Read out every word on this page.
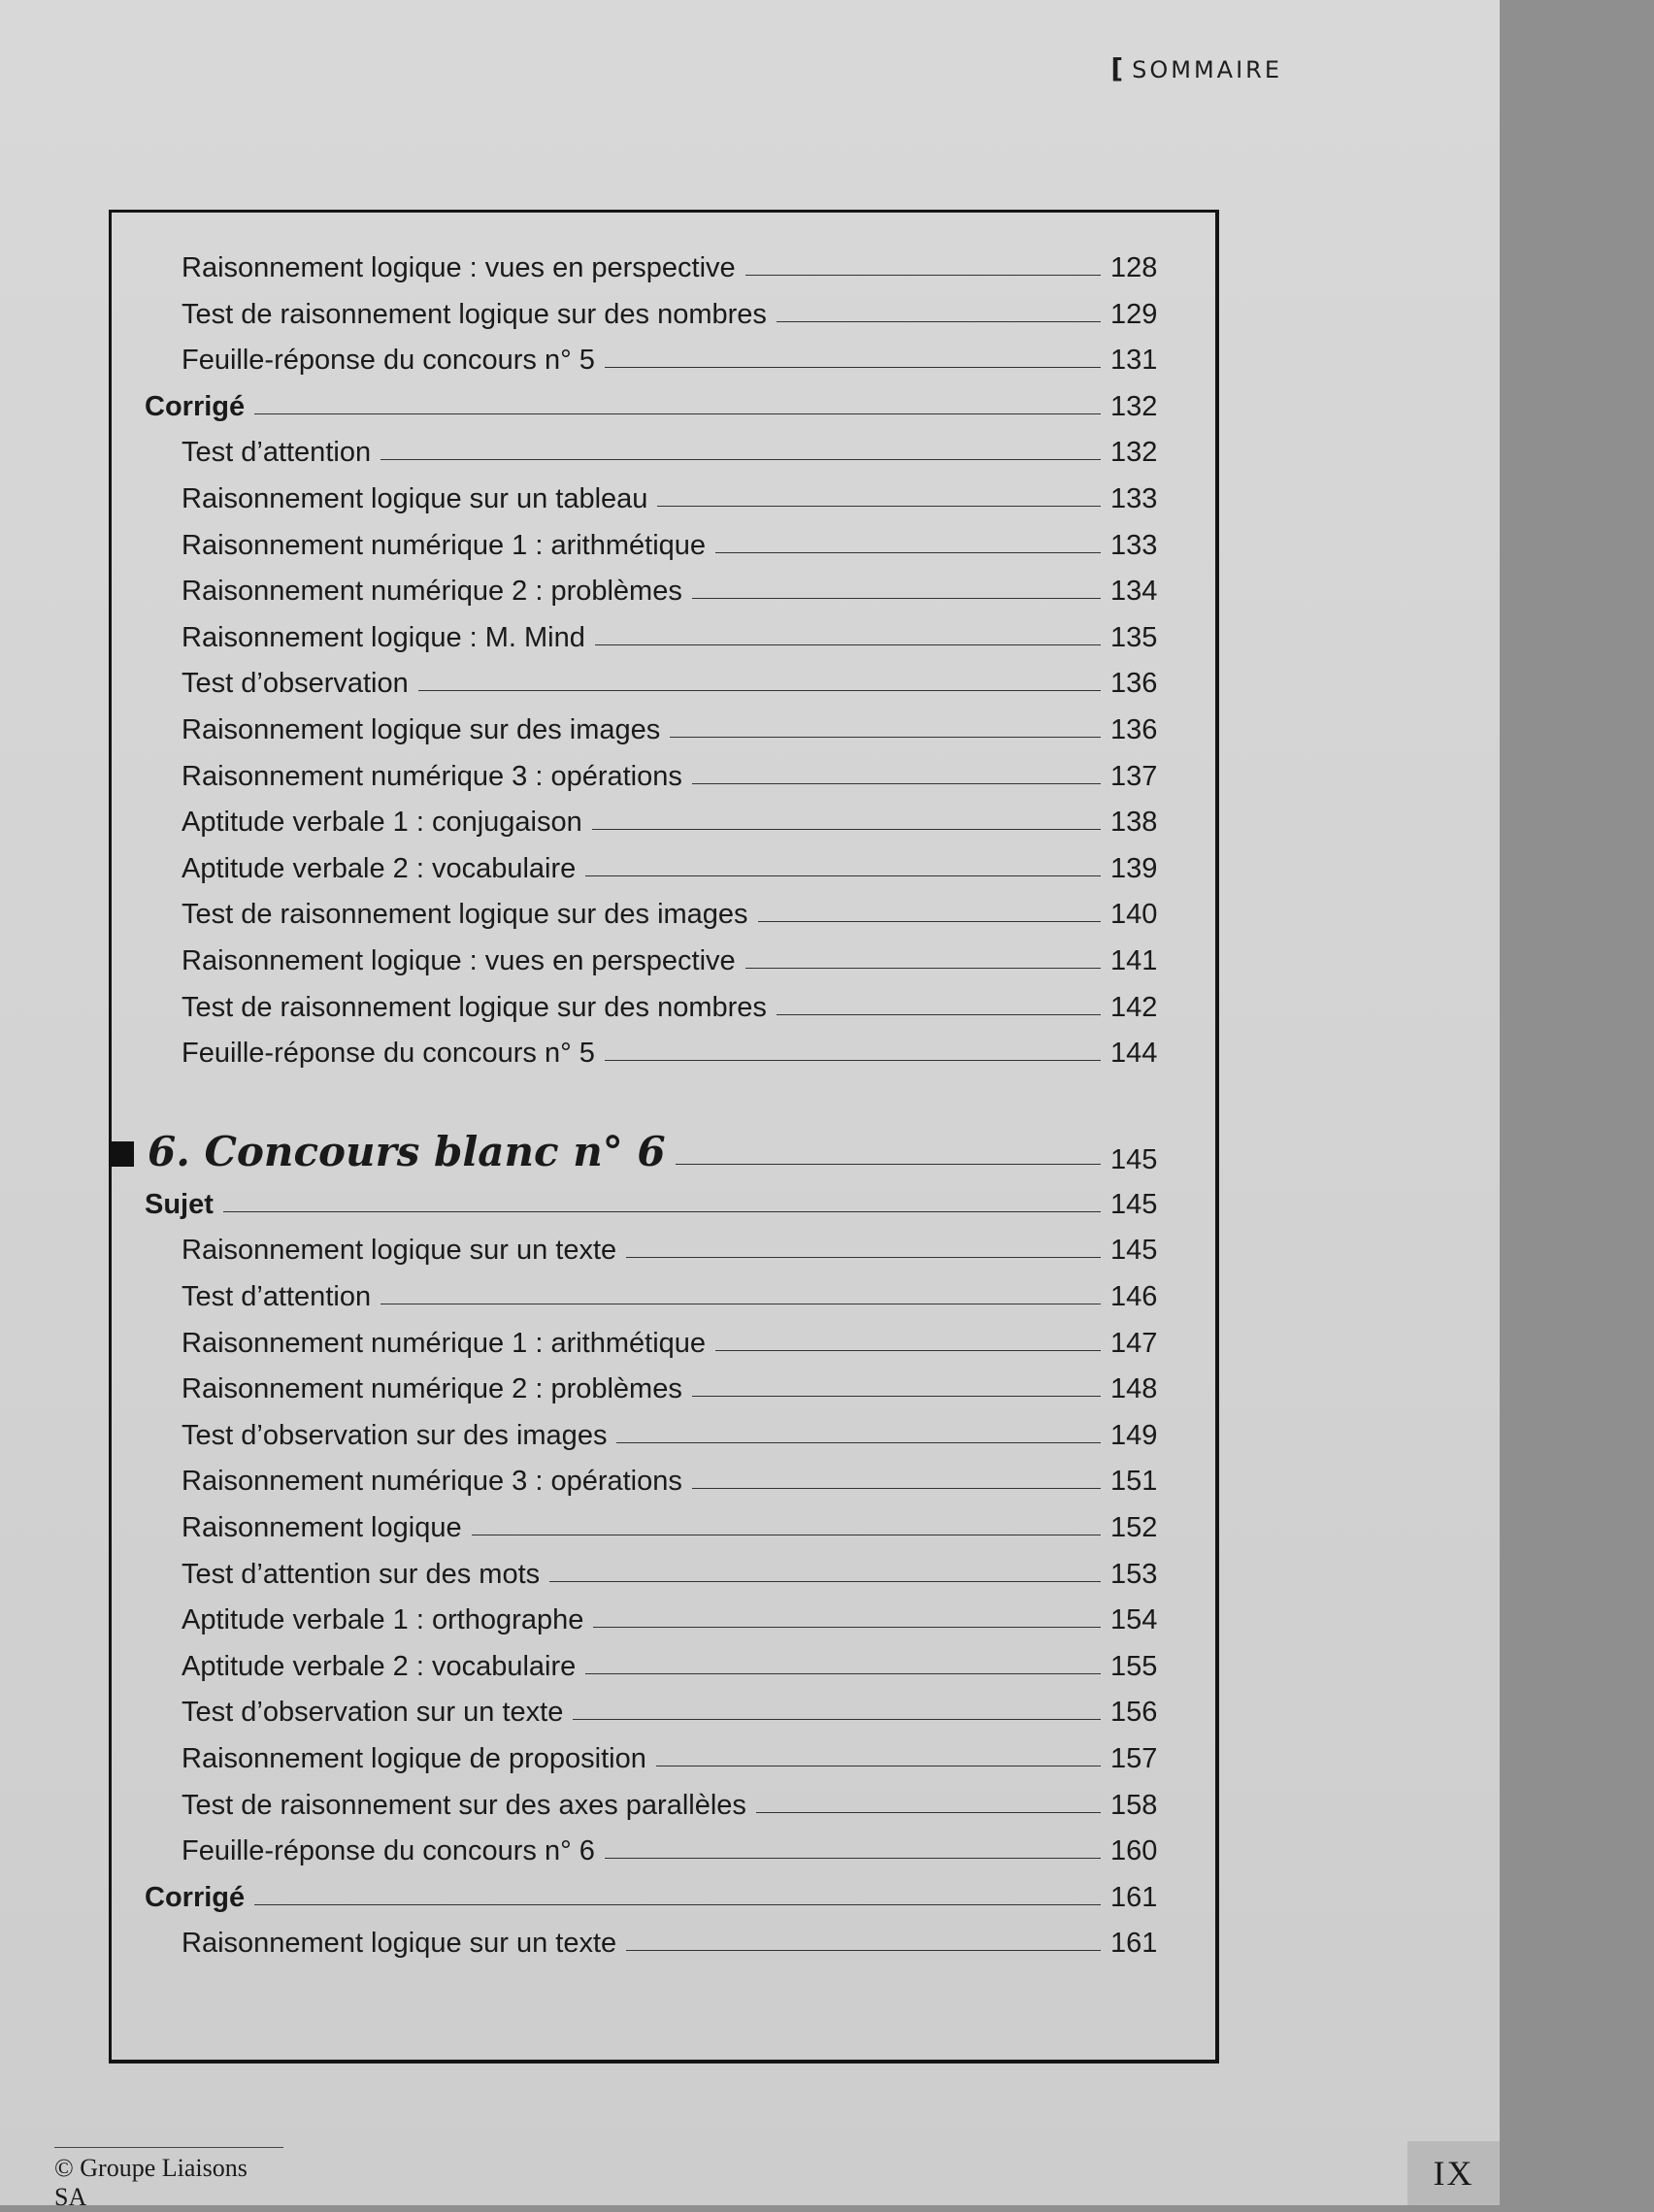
[ SOMMAIRE
Raisonnement logique : vues en perspective	128
Test de raisonnement logique sur des nombres	129
Feuille-réponse du concours n° 5	131
Corrigé	132
Test d’attention	132
Raisonnement logique sur un tableau	133
Raisonnement numérique 1 : arithmétique	133
Raisonnement numérique 2 : problèmes	134
Raisonnement logique : M. Mind	135
Test d’observation	136
Raisonnement logique sur des images	136
Raisonnement numérique 3 : opérations	137
Aptitude verbale 1 : conjugaison	138
Aptitude verbale 2 : vocabulaire	139
Test de raisonnement logique sur des images	140
Raisonnement logique : vues en perspective	141
Test de raisonnement logique sur des nombres	142
Feuille-réponse du concours n° 5	144
6. Concours blanc n° 6	145
Sujet	145
Raisonnement logique sur un texte	145
Test d’attention	146
Raisonnement numérique 1 : arithmétique	147
Raisonnement numérique 2 : problèmes	148
Test d’observation sur des images	149
Raisonnement numérique 3 : opérations	151
Raisonnement logique	152
Test d’attention sur des mots	153
Aptitude verbale 1 : orthographe	154
Aptitude verbale 2 : vocabulaire	155
Test d’observation sur un texte	156
Raisonnement logique de proposition	157
Test de raisonnement sur des axes parallèles	158
Feuille-réponse du concours n° 6	160
Corrigé	161
Raisonnement logique sur un texte	161
© Groupe Liaisons SA
IX
